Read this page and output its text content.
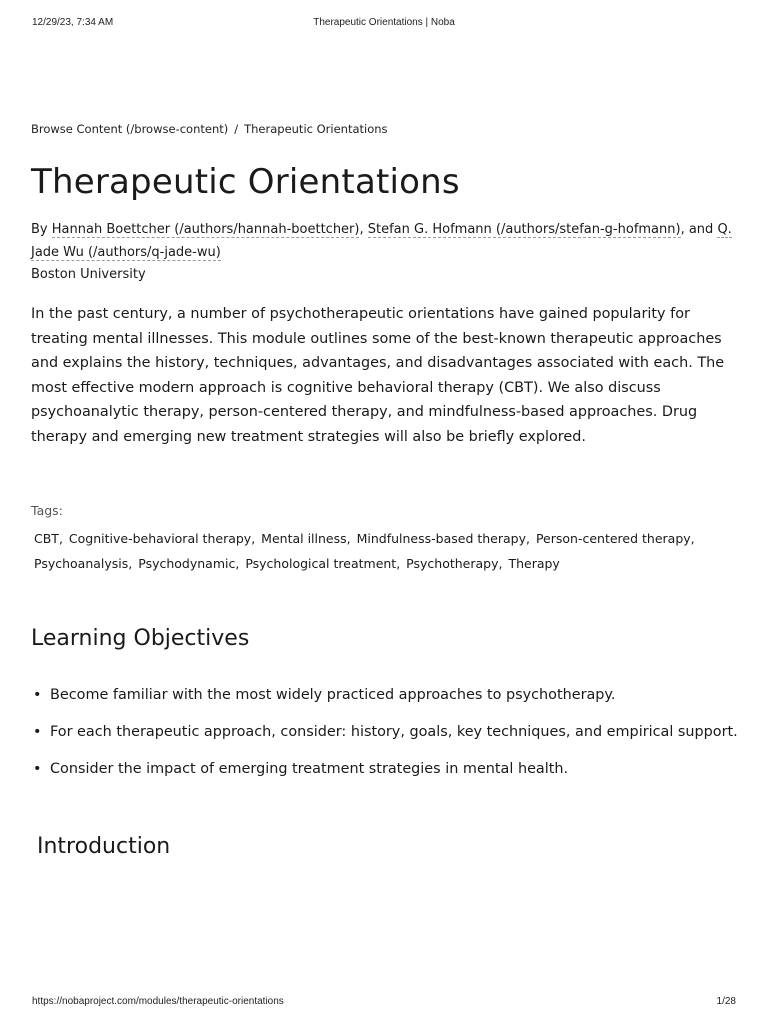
12/29/23, 7:34 AM	Therapeutic Orientations | Noba
Browse Content (/browse-content) / Therapeutic Orientations
Therapeutic Orientations
By Hannah Boettcher (/authors/hannah-boettcher), Stefan G. Hofmann (/authors/stefan-g-hofmann), and Q. Jade Wu (/authors/q-jade-wu)
Boston University

In the past century, a number of psychotherapeutic orientations have gained popularity for treating mental illnesses. This module outlines some of the best-known therapeutic approaches and explains the history, techniques, advantages, and disadvantages associated with each. The most effective modern approach is cognitive behavioral therapy (CBT). We also discuss psychoanalytic therapy, person-centered therapy, and mindfulness-based approaches. Drug therapy and emerging new treatment strategies will also be briefly explored.

Tags:
CBT, Cognitive-behavioral therapy, Mental illness, Mindfulness-based therapy, Person-centered therapy,
Psychoanalysis, Psychodynamic, Psychological treatment, Psychotherapy, Therapy
Learning Objectives
• Become familiar with the most widely practiced approaches to psychotherapy.
• For each therapeutic approach, consider: history, goals, key techniques, and empirical support.
• Consider the impact of emerging treatment strategies in mental health.
Introduction
https://nobaproject.com/modules/therapeutic-orientations	1/28
